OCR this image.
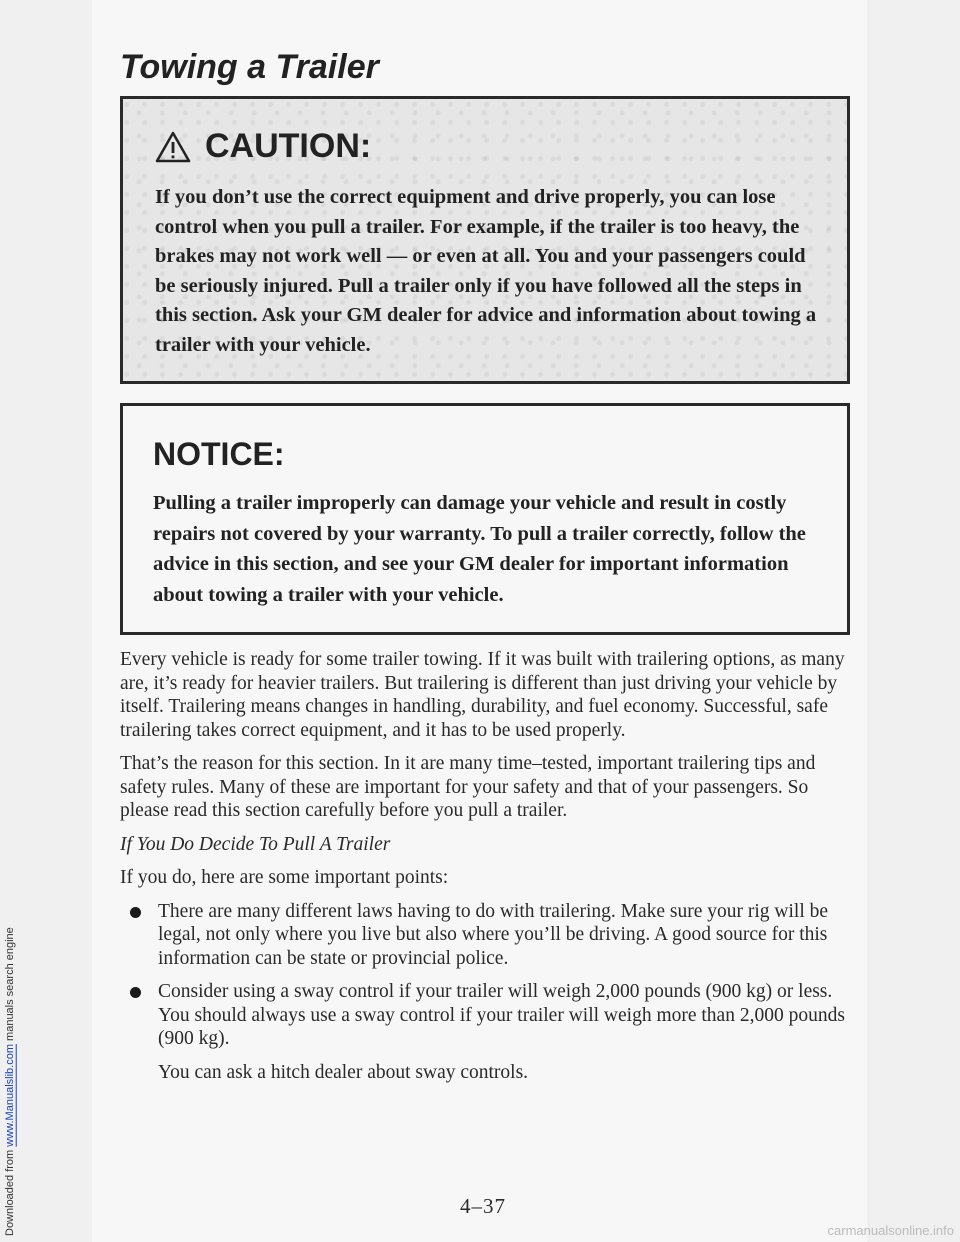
Downloaded from www.Manualslib.com manuals search engine
Towing a Trailer
CAUTION:

If you don’t use the correct equipment and drive properly, you can lose control when you pull a trailer. For example, if the trailer is too heavy, the brakes may not work well — or even at all. You and your passengers could be seriously injured. Pull a trailer only if you have followed all the steps in this section. Ask your GM dealer for advice and information about towing a trailer with your vehicle.

NOTICE:

Pulling a trailer improperly can damage your vehicle and result in costly repairs not covered by your warranty. To pull a trailer correctly, follow the advice in this section, and see your GM dealer for important information about towing a trailer with your vehicle.

Every vehicle is ready for some trailer towing. If it was built with trailering options, as many are, it’s ready for heavier trailers. But trailering is different than just driving your vehicle by itself. Trailering means changes in handling, durability, and fuel economy. Successful, safe trailering takes correct equipment, and it has to be used properly.

That’s the reason for this section. In it are many time–tested, important trailering tips and safety rules. Many of these are important for your safety and that of your passengers. So please read this section carefully before you pull a trailer.

If You Do Decide To Pull A Trailer

If you do, here are some important points:

There are many different laws having to do with trailering. Make sure your rig will be legal, not only where you live but also where you’ll be driving. A good source for this information can be state or provincial police.
Consider using a sway control if your trailer will weigh 2,000 pounds (900 kg) or less. You should always use a sway control if your trailer will weigh more than 2,000 pounds (900 kg).

You can ask a hitch dealer about sway controls.

4–37

carmanualsonline.info
